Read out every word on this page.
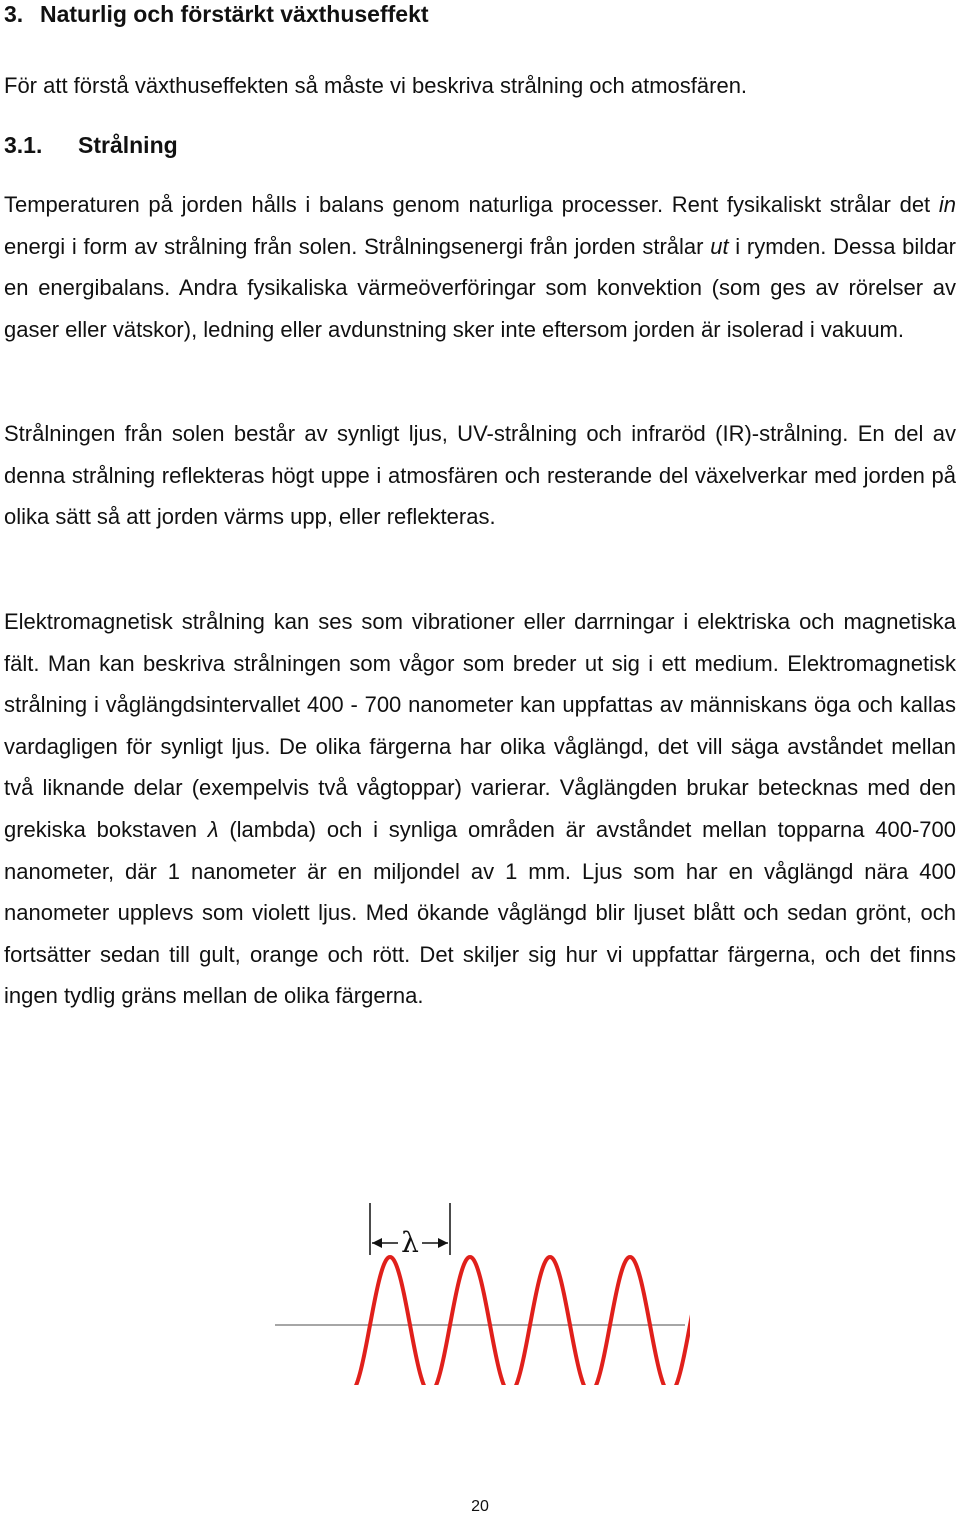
3. Naturlig och förstärkt växthuseffekt

För att förstå växthuseffekten så måste vi beskriva strålning och atmosfären.

3.1. Strålning

Temperaturen på jorden hålls i balans genom naturliga processer. Rent fysikaliskt strålar det in energi i form av strålning från solen. Strålningsenergi från jorden strålar ut i rymden. Dessa bildar en energibalans. Andra fysikaliska värmeöverföringar som konvektion (som ges av rörelser av gaser eller vätskor), ledning eller avdunstning sker inte eftersom jorden är isolerad i vakuum.

Strålningen från solen består av synligt ljus, UV-strålning och infraröd (IR)-strålning. En del av denna strålning reflekteras högt uppe i atmosfären och resterande del växelverkar med jorden på olika sätt så att jorden värms upp, eller reflekteras.

Elektromagnetisk strålning kan ses som vibrationer eller darrningar i elektriska och magnetiska fält. Man kan beskriva strålningen som vågor som breder ut sig i ett medium. Elektromagnetisk strålning i våglängdsintervallet 400 - 700 nanometer kan uppfattas av människans öga och kallas vardagligen för synligt ljus. De olika färgerna har olika våglängd, det vill säga avståndet mellan två liknande delar (exempelvis två vågtoppar) varierar. Våglängden brukar betecknas med den grekiska bokstaven λ (lambda) och i synliga områden är avståndet mellan topparna 400-700 nanometer, där 1 nanometer är en miljondel av 1 mm. Ljus som har en våglängd nära 400 nanometer upplevs som violett ljus. Med ökande våglängd blir ljuset blått och sedan grönt, och fortsätter sedan till gult, orange och rött. Det skiljer sig hur vi uppfattar färgerna, och det finns ingen tydlig gräns mellan de olika färgerna.

λ
20
